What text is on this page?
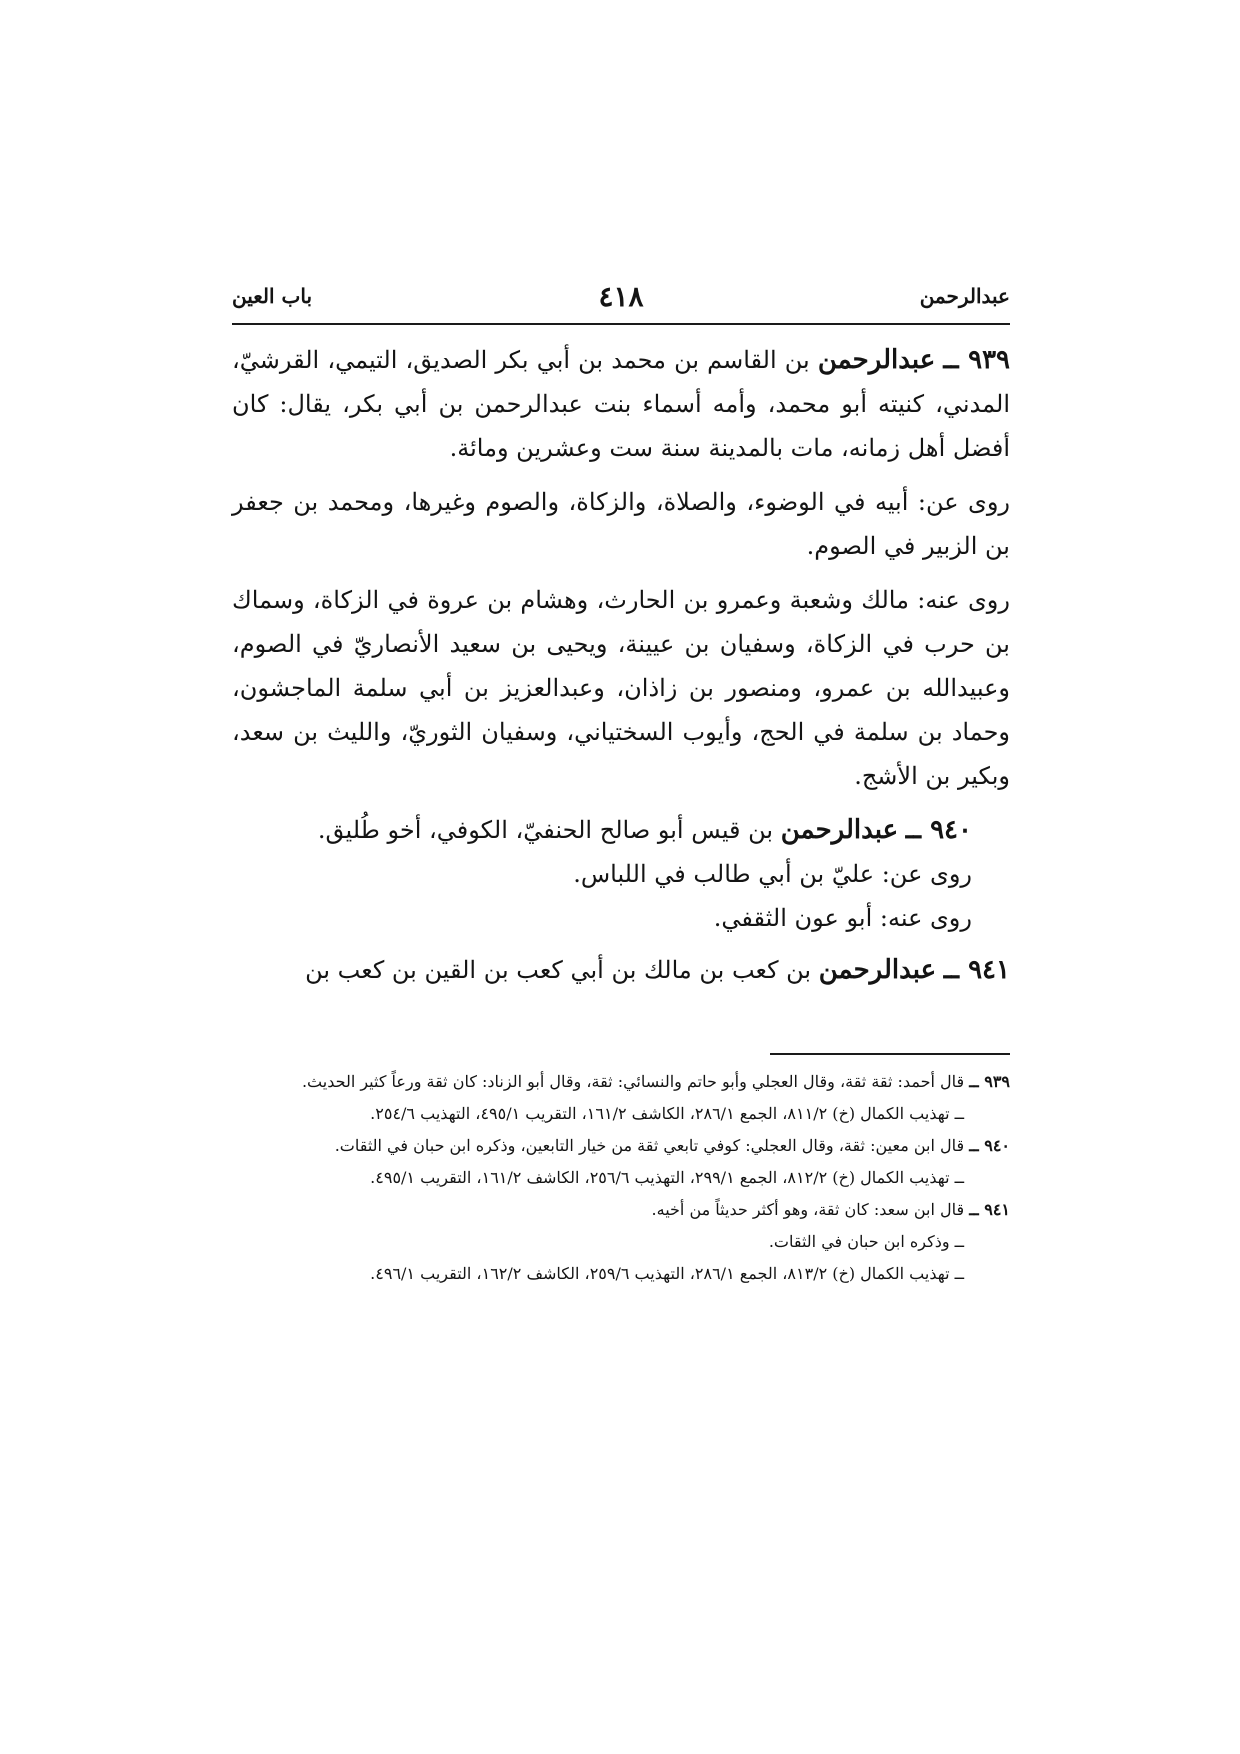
عبدالرحمن
٤١٨
باب العين

٩٣٩ ــ عبدالرحمن بن القاسم بن محمد بن أبي بكر الصديق، التيمي، القرشيّ، المدني، كنيته أبو محمد، وأمه أسماء بنت عبدالرحمن بن أبي بكر، يقال: كان أفضل أهل زمانه، مات بالمدينة سنة ست وعشرين ومائة.

روى عن: أبيه في الوضوء، والصلاة، والزكاة، والصوم وغيرها، ومحمد بن جعفر بن الزبير في الصوم.

روى عنه: مالك وشعبة وعمرو بن الحارث، وهشام بن عروة في الزكاة، وسماك بن حرب في الزكاة، وسفيان بن عيينة، ويحيى بن سعيد الأنصاريّ في الصوم، وعبيدالله بن عمرو، ومنصور بن زاذان، وعبدالعزيز بن أبي سلمة الماجشون، وحماد بن سلمة في الحج، وأيوب السختياني، وسفيان الثوريّ، والليث بن سعد، وبكير بن الأشج.

٩٤٠ ــ عبدالرحمن بن قيس أبو صالح الحنفيّ، الكوفي، أخو طُليق.

روى عن: عليّ بن أبي طالب في اللباس.

روى عنه: أبو عون الثقفي.

٩٤١ ــ عبدالرحمن بن كعب بن مالك بن أبي كعب بن القين بن كعب بن

٩٣٩ ــ قال أحمد: ثقة ثقة، وقال العجلي وأبو حاتم والنسائي: ثقة، وقال أبو الزناد: كان ثقة ورعاً كثير الحديث.

ــ تهذيب الكمال (خ) ٨١١/٢، الجمع ٢٨٦/١، الكاشف ١٦١/٢، التقريب ٤٩٥/١، التهذيب ٢٥٤/٦.

٩٤٠ ــ قال ابن معين: ثقة، وقال العجلي: كوفي تابعي ثقة من خيار التابعين، وذكره ابن حبان في الثقات.

ــ تهذيب الكمال (خ) ٨١٢/٢، الجمع ٢٩٩/١، التهذيب ٢٥٦/٦، الكاشف ١٦١/٢، التقريب ٤٩٥/١.

٩٤١ ــ قال ابن سعد: كان ثقة، وهو أكثر حديثاً من أخيه.

ــ وذكره ابن حبان في الثقات.

ــ تهذيب الكمال (خ) ٨١٣/٢، الجمع ٢٨٦/١، التهذيب ٢٥٩/٦، الكاشف ١٦٢/٢، التقريب ٤٩٦/١.
